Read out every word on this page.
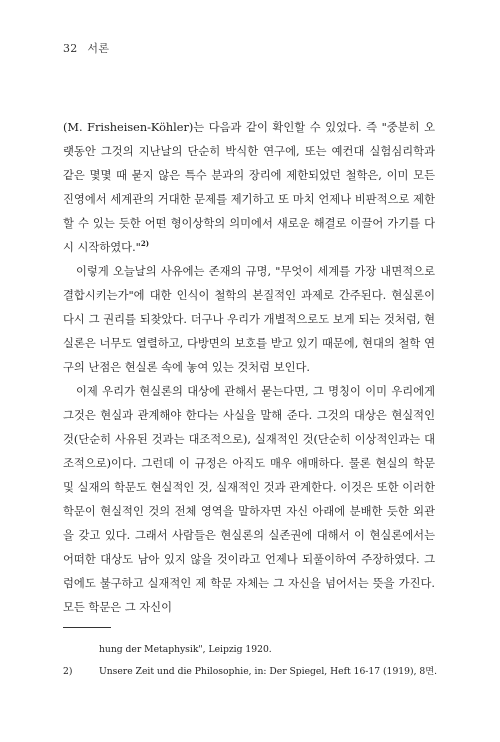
32 서론

(M. Frisheisen-Köhler)는 다음과 같이 확인할 수 있었다. 즉 "중분히 오랫동안 그것의 지난날의 단순히 박식한 연구에, 또는 예컨대 실험심리학과 같은 몇몇 때 묻지 않은 특수 분과의 장리에 제한되었던 철학은, 이미 모든 진영에서 세계관의 거대한 문제를 제기하고 또 마치 언제나 비판적으로 제한할 수 있는 듯한 어떤 형이상학의 의미에서 새로운 해결로 이끌어 가기를 다시 시작하였다."$^{2)}$

이렇게 오늘날의 사유에는 존재의 규명, "무엇이 세계를 가장 내면적으로 결합시키는가"에 대한 인식이 철학의 본질적인 과제로 간주된다. 현실론이 다시 그 권리를 되찾았다. 더구나 우리가 개별적으로도 보게 되는 것처럼, 현실론은 너무도 열렬하고, 다방면의 보호를 받고 있기 때문에, 현대의 철학 연구의 난점은 현실론 속에 놓여 있는 것처럼 보인다.

이제 우리가 현실론의 대상에 관해서 묻는다면, 그 명칭이 이미 우리에게 그것은 현실과 관계해야 한다는 사실을 말해 준다. 그것의 대상은 현실적인 것(단순히 사유된 것과는 대조적으로), 실재적인 것(단순히 이상적인과는 대조적으로)이다. 그런데 이 규정은 아직도 매우 애매하다. 물론 현실의 학문 및 실재의 학문도 현실적인 것, 실재적인 것과 관계한다. 이것은 또한 이러한 학문이 현실적인 것의 전체 영역을 말하자면 자신 아래에 분배한 듯한 외관을 갖고 있다. 그래서 사람들은 현실론의 실존권에 대해서 이 현실론에서는 어떠한 대상도 남아 있지 않을 것이라고 언제나 되풀이하여 주장하였다. 그럼에도 불구하고 실재적인 제 학문 자체는 그 자신을 넘어서는 뜻을 가진다. 모든 학문은 그 자신이

hung der Metaphysik", Leipzig 1920.
2)	Unsere Zeit und die Philosophie, in: Der Spiegel, Heft 16-17 (1919), 8면.
